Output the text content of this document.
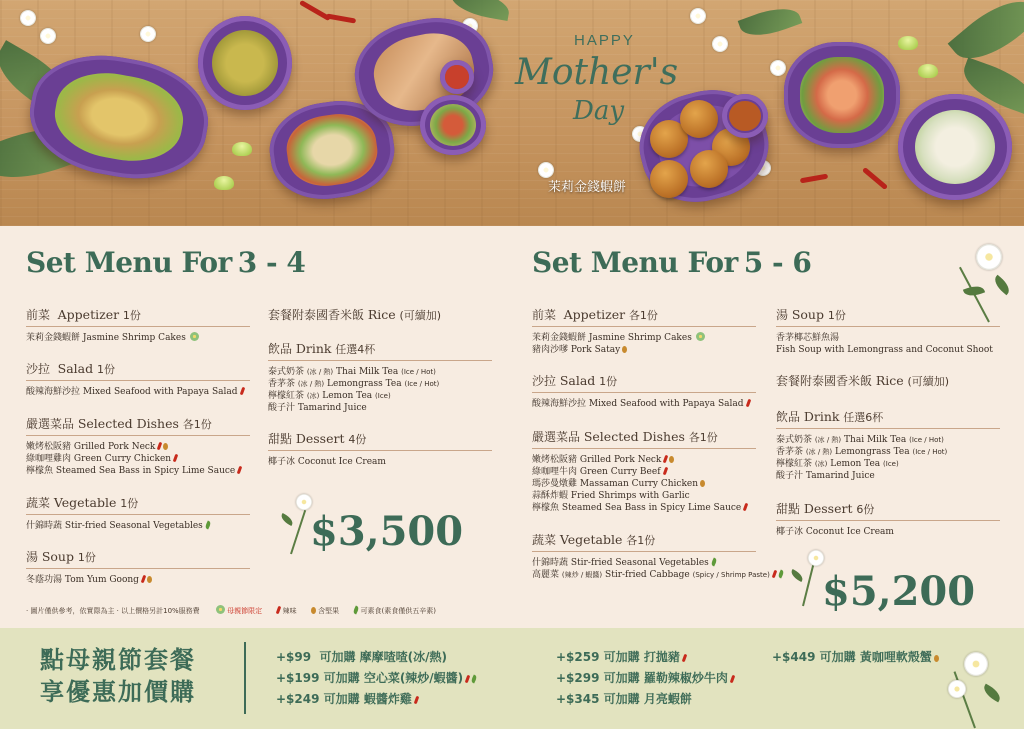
HAPPY
Mother's
Day
茉莉金錢蝦餅
Set Menu For 3 - 4
前菜 Appetizer 1份
茉莉金錢蝦餅 Jasmine Shrimp Cakes
沙拉 Salad 1份
酸辣海鮮沙拉 Mixed Seafood with Papaya Salad
嚴選菜品 Selected Dishes 各1份
嫩烤松阪豬 Grilled Pork Neck
綠咖哩雞肉 Green Curry Chicken
檸檬魚 Steamed Sea Bass in Spicy Lime Sauce
蔬菜 Vegetable 1份
什錦時蔬 Stir-fried Seasonal Vegetables
湯 Soup 1份
冬蔭功湯 Tom Yum Goong
套餐附泰國香米飯 Rice (可續加)
飲品 Drink 任選4杯
泰式奶茶 (冰 / 熱) Thai Milk Tea (Ice / Hot)
香茅茶 (冰 / 熱) Lemongrass Tea (Ice / Hot)
檸檬紅茶 (冰) Lemon Tea (Ice)
酸子汁 Tamarind Juice
甜點 Dessert 4份
椰子冰 Coconut Ice Cream
$3,500
Set Menu For 5 - 6
前菜 Appetizer 各1份
茉莉金錢蝦餅 Jasmine Shrimp Cakes
豬肉沙嗲 Pork Satay
沙拉 Salad 1份
酸辣海鮮沙拉 Mixed Seafood with Papaya Salad
嚴選菜品 Selected Dishes 各1份
嫩烤松阪豬 Grilled Pork Neck
綠咖哩牛肉 Green Curry Beef
瑪莎曼燉雞 Massaman Curry Chicken
蒜酥炸蝦 Fried Shrimps with Garlic
檸檬魚 Steamed Sea Bass in Spicy Lime Sauce
蔬菜 Vegetable 各1份
什錦時蔬 Stir-fried Seasonal Vegetables
高麗菜 (辣炒 / 蝦醬) Stir-fried Cabbage (Spicy / Shrimp Paste)
湯 Soup 1份
香茅椰芯鮮魚湯
Fish Soup with Lemongrass and Coconut Shoot
套餐附泰國香米飯 Rice (可續加)
飲品 Drink 任選6杯
泰式奶茶 (冰 / 熱) Thai Milk Tea (Ice / Hot)
香茅茶 (冰 / 熱) Lemongrass Tea (Ice / Hot)
檸檬紅茶 (冰) Lemon Tea (Ice)
酸子汁 Tamarind Juice
甜點 Dessert 6份
椰子冰 Coconut Ice Cream
$5,200
· 圖片僅供參考，依實際為主 · 以上價格另計10%服務費	母親節限定	辣味	含堅果	可素食(素食僅供五辛素)
點母親節套餐
享優惠加價購
+$99 可加購 摩摩喳喳(冰/熱)
+$199 可加購 空心菜(辣炒/蝦醬)
+$249 可加購 蝦醬炸雞
+$259 可加購 打拋豬
+$299 可加購 羅勒辣椒炒牛肉
+$345 可加購 月亮蝦餅
+$449 可加購 黃咖哩軟殼蟹
